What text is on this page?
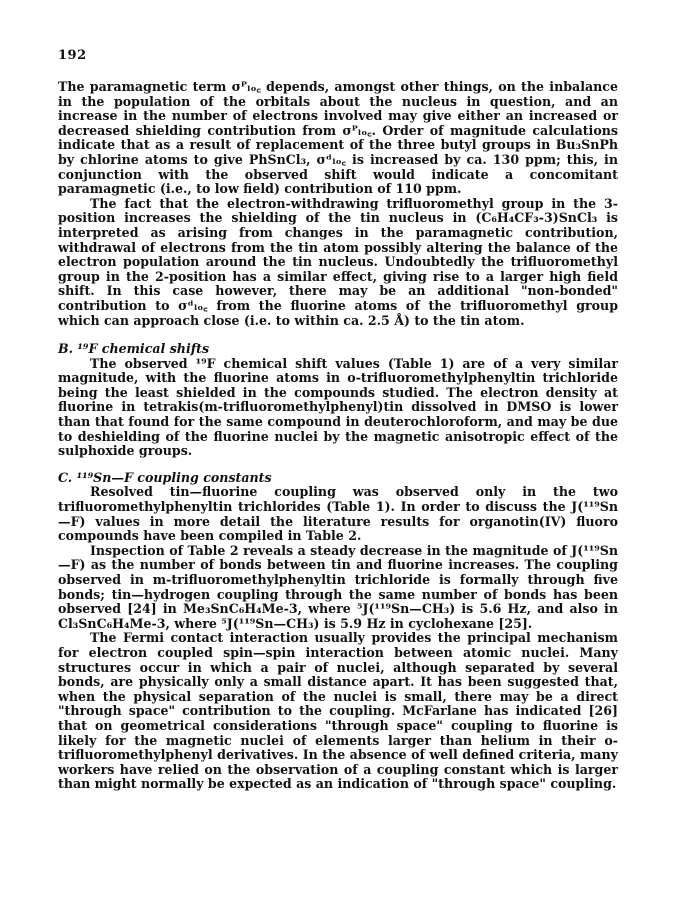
192

The paramagnetic term σᴾₗₒ꜀ depends, amongst other things, on the inbalance in the population of the orbitals about the nucleus in question, and an increase in the number of electrons involved may give either an increased or decreased shielding contribution from σᴾₗₒ꜀. Order of magnitude calculations indicate that as a result of replacement of the three butyl groups in Bu₃SnPh by chlorine atoms to give PhSnCl₃, σᵈₗₒ꜀ is increased by ca. 130 ppm; this, in conjunction with the observed shift would indicate a concomitant paramagnetic (i.e., to low field) contribution of 110 ppm.

The fact that the electron-withdrawing trifluoromethyl group in the 3-position increases the shielding of the tin nucleus in (C₆H₄CF₃-3)SnCl₃ is interpreted as arising from changes in the paramagnetic contribution, withdrawal of electrons from the tin atom possibly altering the balance of the electron population around the tin nucleus. Undoubtedly the trifluoromethyl group in the 2-position has a similar effect, giving rise to a larger high field shift. In this case however, there may be an additional "non-bonded" contribution to σᵈₗₒ꜀ from the fluorine atoms of the trifluoromethyl group which can approach close (i.e. to within ca. 2.5 Å) to the tin atom.

B. ¹⁹F chemical shifts

The observed ¹⁹F chemical shift values (Table 1) are of a very similar magnitude, with the fluorine atoms in o-trifluoromethylphenyltin trichloride being the least shielded in the compounds studied. The electron density at fluorine in tetrakis(m-trifluoromethylphenyl)tin dissolved in DMSO is lower than that found for the same compound in deuterochloroform, and may be due to deshielding of the fluorine nuclei by the magnetic anisotropic effect of the sulphoxide groups.

C. ¹¹⁹Sn—F coupling constants

Resolved tin—fluorine coupling was observed only in the two trifluoromethylphenyltin trichlorides (Table 1). In order to discuss the J(¹¹⁹Sn—F) values in more detail the literature results for organotin(IV) fluoro compounds have been compiled in Table 2.

Inspection of Table 2 reveals a steady decrease in the magnitude of J(¹¹⁹Sn—F) as the number of bonds between tin and fluorine increases. The coupling observed in m-trifluoromethylphenyltin trichloride is formally through five bonds; tin—hydrogen coupling through the same number of bonds has been observed [24] in Me₃SnC₆H₄Me-3, where ⁵J(¹¹⁹Sn—CH₃) is 5.6 Hz, and also in Cl₃SnC₆H₄Me-3, where ⁵J(¹¹⁹Sn—CH₃) is 5.9 Hz in cyclohexane [25].

The Fermi contact interaction usually provides the principal mechanism for electron coupled spin—spin interaction between atomic nuclei. Many structures occur in which a pair of nuclei, although separated by several bonds, are physically only a small distance apart. It has been suggested that, when the physical separation of the nuclei is small, there may be a direct "through space" contribution to the coupling. McFarlane has indicated [26] that on geometrical considerations "through space" coupling to fluorine is likely for the magnetic nuclei of elements larger than helium in their o-trifluoromethylphenyl derivatives. In the absence of well defined criteria, many workers have relied on the observation of a coupling constant which is larger than might normally be expected as an indication of "through space" coupling.
